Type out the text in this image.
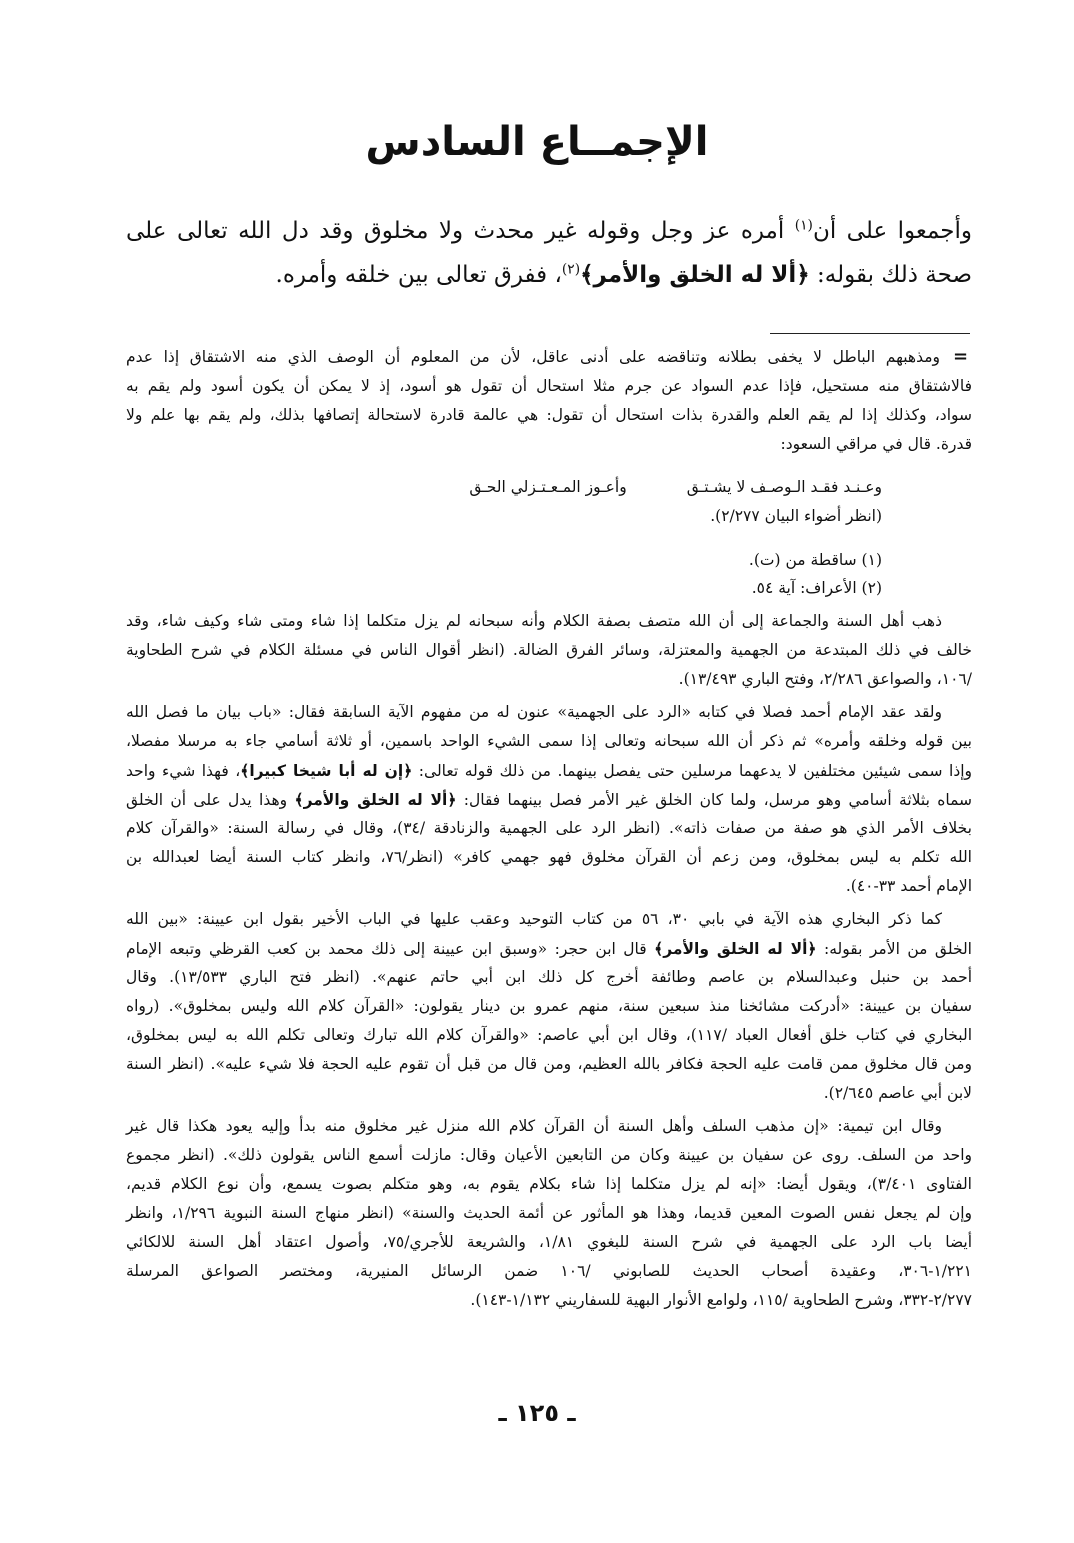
الإجمــاع السادس
وأجمعوا على أن$^{(١)}$ أمره عز وجل وقوله غير محدث ولا مخلوق وقد دل الله تعالى على
صحة ذلك بقوله: ﴿ألا له الخلق والأمر﴾$^{(٢)}$، ففرق تعالى بين خلقه وأمره.
=
ومذهبهم الباطل لا يخفى بطلانه وتناقضه على أدنى عاقل، لأن من المعلوم أن الوصف الذي منه الاشتقاق إذا عدم
فالاشتقاق منه مستحيل، فإذا عدم السواد عن جرم مثلا استحال أن تقول هو أسود، إذ لا يمكن أن يكون أسود ولم يقم به
سواد، وكذلك إذا لم يقم العلم والقدرة بذات استحال أن تقول: هي عالمة قادرة لاستحالة إتصافها بذلك، ولم يقم بها علم ولا
قدرة. قال في مراقي السعود:
وعـنـد فقـد الـوصـف لا يشـتـق
وأعـوز المـعـتـزلي الحـق
(انظر أضواء البيان ٢/٢٧٧).
(١) ساقطة من (ت).
(٢) الأعراف: آية ٥٤.
ذهب أهل السنة والجماعة إلى أن الله متصف بصفة الكلام وأنه سبحانه لم يزل متكلما إذا شاء ومتى شاء وكيف شاء، وقد
خالف في ذلك المبتدعة من الجهمية والمعتزلة، وسائر الفرق الضالة. (انظر أقوال الناس في مسئلة الكلام في شرح الطحاوية
/١٠٦، والصواعق ٢/٢٨٦، وفتح الباري ١٣/٤٩٣).
ولقد عقد الإمام أحمد فصلا في كتابه «الرد على الجهمية» عنون له من مفهوم الآية السابقة فقال: «باب بيان ما فصل الله
بين قوله وخلقه وأمره» ثم ذكر أن الله سبحانه وتعالى إذا سمى الشيء الواحد باسمين، أو ثلاثة أسامي جاء به مرسلا مفصلا،
وإذا سمى شيئين مختلفين لا يدعهما مرسلين حتى يفصل بينهما. من ذلك قوله تعالى: ﴿إن له أبا شيخا كبيرا﴾، فهذا شيء واحد
سماه بثلاثة أسامي وهو مرسل، ولما كان الخلق غير الأمر فصل بينهما فقال: ﴿ألا له الخلق والأمر﴾ وهذا يدل على أن الخلق
بخلاف الأمر الذي هو صفة من صفات ذاته». (انظر الرد على الجهمية والزنادقة /٣٤)، وقال في رسالة السنة: «والقرآن كلام
الله تكلم به ليس بمخلوق، ومن زعم أن القرآن مخلوق فهو جهمي كافر» (انظر/٧٦، وانظر كتاب السنة أيضا لعبدالله بن
الإمام أحمد ٣٣-٤٠).
كما ذكر البخاري هذه الآية في بابي ٣٠، ٥٦ من كتاب التوحيد وعقب عليها في الباب الأخير بقول ابن عيينة: «بين الله
الخلق من الأمر بقوله: ﴿ألا له الخلق والأمر﴾ قال ابن حجر: «وسبق ابن عيينة إلى ذلك محمد بن كعب القرظي وتبعه الإمام
أحمد بن حنبل وعبدالسلام بن عاصم وطائفة أخرج كل ذلك ابن أبي حاتم عنهم». (انظر فتح الباري ١٣/٥٣٣). وقال
سفيان بن عيينة: «أدركت مشائخنا منذ سبعين سنة، منهم عمرو بن دينار يقولون: «القرآن كلام الله وليس بمخلوق». (رواه
البخاري في كتاب خلق أفعال العباد /١١٧)، وقال ابن أبي عاصم: «والقرآن كلام الله تبارك وتعالى تكلم الله به ليس بمخلوق،
ومن قال مخلوق ممن قامت عليه الحجة فكافر بالله العظيم، ومن قال من قبل أن تقوم عليه الحجة فلا شيء عليه». (انظر السنة
لابن أبي عاصم ٢/٦٤٥).
وقال ابن تيمية: «إن مذهب السلف وأهل السنة أن القرآن كلام الله منزل غير مخلوق منه بدأ وإليه يعود هكذا قال غير
واحد من السلف. روى عن سفيان بن عيينة وكان من التابعين الأعيان وقال: مازلت أسمع الناس يقولون ذلك». (انظر مجموع
الفتاوى ٣/٤٠١)، ويقول أيضا: «إنه لم يزل متكلما إذا شاء بكلام يقوم به، وهو متكلم بصوت يسمع، وأن نوع الكلام قديم،
وإن لم يجعل نفس الصوت المعين قديما، وهذا هو المأثور عن أئمة الحديث والسنة» (انظر منهاج السنة النبوية ١/٢٩٦، وانظر
أيضا باب الرد على الجهمية في شرح السنة للبغوي ١/٨١، والشريعة للأجري/٧٥، وأصول اعتقاد أهل السنة للالكائي
١/٢٢١-٣٠٦، وعقيدة أصحاب الحديث للصابوني /١٠٦ ضمن الرسائل المنيرية، ومختصر الصواعق المرسلة
٢/٢٧٧-٣٣٢، وشرح الطحاوية /١١٥، ولوامع الأنوار البهية للسفاريني ١/١٣٢-١٤٣).
ـ ١٢٥ ـ
